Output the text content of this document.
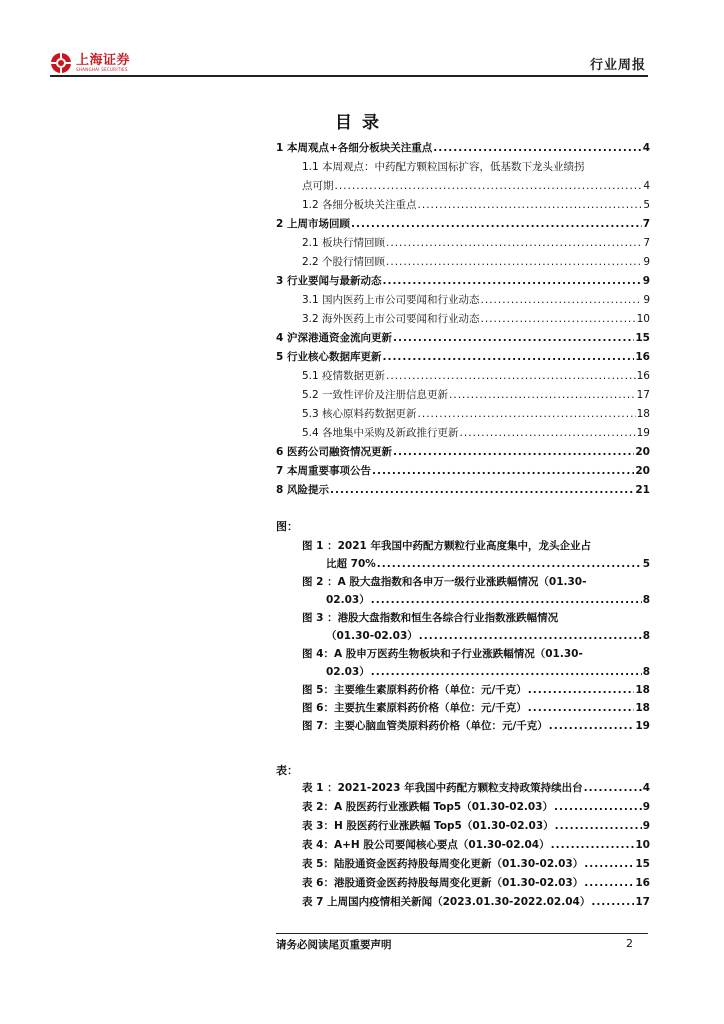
上海证券
SHANGHAI SECURITIES	行业周报
目录
1 本周观点+各细分板块关注重点 .....	4
1.1 本周观点：中药配方颗粒国标扩容，低基数下龙头业绩拐
点可期 .....	4
1.2 各细分板块关注重点 .....	5
2 上周市场回顾 .....	7
2.1 板块行情回顾 .....	7
2.2 个股行情回顾 .....	9
3 行业要闻与最新动态 .....	9
3.1 国内医药上市公司要闻和行业动态 .....	9
3.2 海外医药上市公司要闻和行业动态 .....	10
4 沪深港通资金流向更新 .....	15
5 行业核心数据库更新 .....	16
5.1 疫情数据更新 .....	16
5.2 一致性评价及注册信息更新 .....	17
5.3 核心原料药数据更新 .....	18
5.4 各地集中采购及新政推行更新 .....	19
6 医药公司融资情况更新 .....	20
7 本周重要事项公告 .....	20
8 风险提示 .....	21
图：
图 1 ：2021 年我国中药配方颗粒行业高度集中，龙头企业占
比超 70% .....	5
图 2 ：A 股大盘指数和各申万一级行业涨跌幅情况（01.30-
02.03） .....	8
图 3 ：港股大盘指数和恒生各综合行业指数涨跌幅情况
（01.30-02.03） .....	8
图 4：A 股申万医药生物板块和子行业涨跌幅情况（01.30-
02.03） .....	8
图 5：主要维生素原料药价格（单位：元/千克） .....	18
图 6：主要抗生素原料药价格（单位：元/千克） .....	18
图 7：主要心脑血管类原料药价格（单位：元/千克） .....	19
表：
表 1 ：2021-2023 年我国中药配方颗粒支持政策持续出台 .....	4
表 2：A 股医药行业涨跌幅 Top5（01.30-02.03） .....	9
表 3：H 股医药行业涨跌幅 Top5（01.30-02.03） .....	9
表 4：A+H 股公司要闻核心要点（01.30-02.04） .....	10
表 5：陆股通资金医药持股每周变化更新（01.30-02.03） .....	15
表 6：港股通资金医药持股每周变化更新（01.30-02.03） .....	16
表 7 上周国内疫情相关新闻（2023.01.30-2022.02.04） .....	17
请务必阅读尾页重要声明	2
